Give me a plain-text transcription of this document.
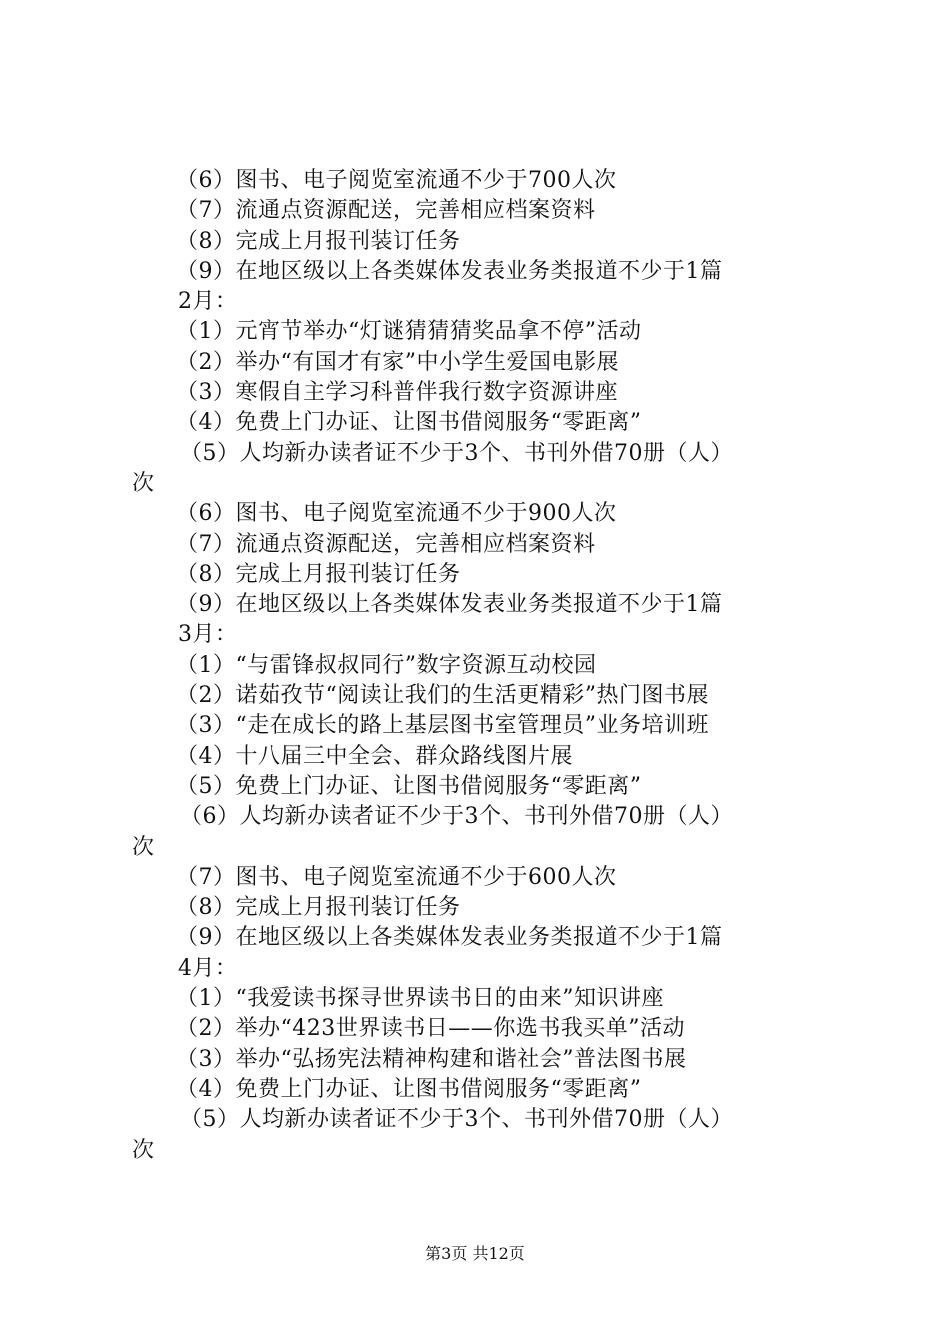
（6）图书、电子阅览室流通不少于700人次
（7）流通点资源配送，完善相应档案资料
（8）完成上月报刊装订任务
（9）在地区级以上各类媒体发表业务类报道不少于1篇
2月：
（1）元宵节举办“灯谜猜猜猜奖品拿不停”活动
（2）举办“有国才有家”中小学生爱国电影展
（3）寒假自主学习科普伴我行数字资源讲座
（4）免费上门办证、让图书借阅服务“零距离”
（5）人均新办读者证不少于3个、书刊外借70册（人）
次
（6）图书、电子阅览室流通不少于900人次
（7）流通点资源配送，完善相应档案资料
（8）完成上月报刊装订任务
（9）在地区级以上各类媒体发表业务类报道不少于1篇
3月：
（1）“与雷锋叔叔同行”数字资源互动校园
（2）诺茹孜节“阅读让我们的生活更精彩”热门图书展
（3）“走在成长的路上基层图书室管理员”业务培训班
（4）十八届三中全会、群众路线图片展
（5）免费上门办证、让图书借阅服务“零距离”
（6）人均新办读者证不少于3个、书刊外借70册（人）
次
（7）图书、电子阅览室流通不少于600人次
（8）完成上月报刊装订任务
（9）在地区级以上各类媒体发表业务类报道不少于1篇
4月：
（1）“我爱读书探寻世界读书日的由来”知识讲座
（2）举办“423世界读书日——你选书我买单”活动
（3）举办“弘扬宪法精神构建和谐社会”普法图书展
（4）免费上门办证、让图书借阅服务“零距离”
（5）人均新办读者证不少于3个、书刊外借70册（人）
次
第3页 共12页
